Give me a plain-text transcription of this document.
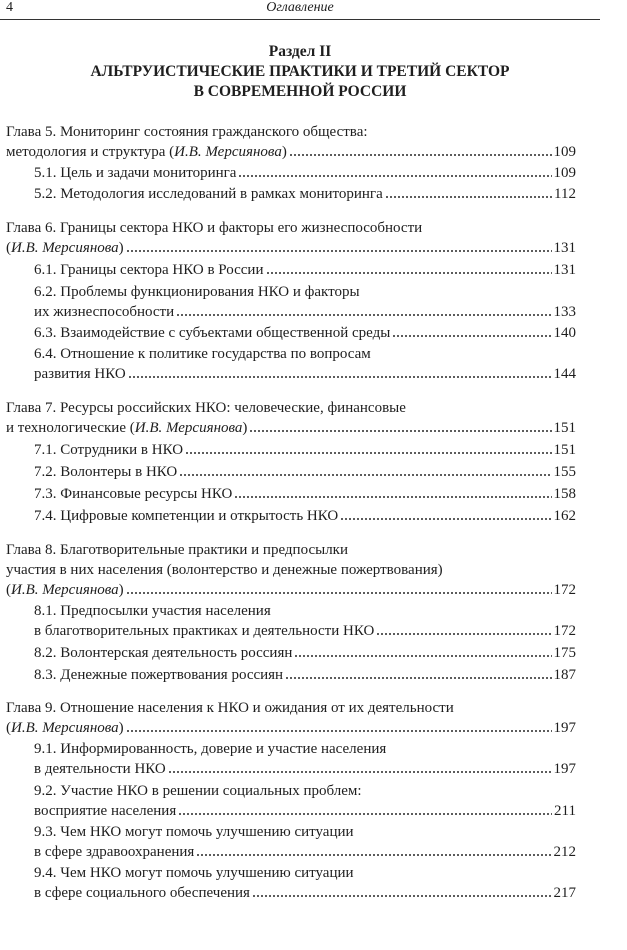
4	Оглавление
Раздел II
АЛЬТРУИСТИЧЕСКИЕ ПРАКТИКИ И ТРЕТИЙ СЕКТОР
В СОВРЕМЕННОЙ РОССИИ
Глава 5. Мониторинг состояния гражданского общества:
методология и структура (И.В. Мерсиянова)	109
5.1. Цель и задачи мониторинга	109
5.2. Методология исследований в рамках мониторинга	112
Глава 6. Границы сектора НКО и факторы его жизнеспособности
(И.В. Мерсиянова)	131
6.1. Границы сектора НКО в России	131
6.2. Проблемы функционирования НКО и факторы
их жизнеспособности	133
6.3. Взаимодействие с субъектами общественной среды	140
6.4. Отношение к политике государства по вопросам
развития НКО	144
Глава 7. Ресурсы российских НКО: человеческие, финансовые
и технологические (И.В. Мерсиянова)	151
7.1. Сотрудники в НКО	151
7.2. Волонтеры в НКО	155
7.3. Финансовые ресурсы НКО	158
7.4. Цифровые компетенции и открытость НКО	162
Глава 8. Благотворительные практики и предпосылки
участия в них населения (волонтерство и денежные пожертвования)
(И.В. Мерсиянова)	172
8.1. Предпосылки участия населения
в благотворительных практиках и деятельности НКО	172
8.2. Волонтерская деятельность россиян	175
8.3. Денежные пожертвования россиян	187
Глава 9. Отношение населения к НКО и ожидания от их деятельности
(И.В. Мерсиянова)	197
9.1. Информированность, доверие и участие населения
в деятельности НКО	197
9.2. Участие НКО в решении социальных проблем:
восприятие населения	211
9.3. Чем НКО могут помочь улучшению ситуации
в сфере здравоохранения	212
9.4. Чем НКО могут помочь улучшению ситуации
в сфере социального обеспечения	217
